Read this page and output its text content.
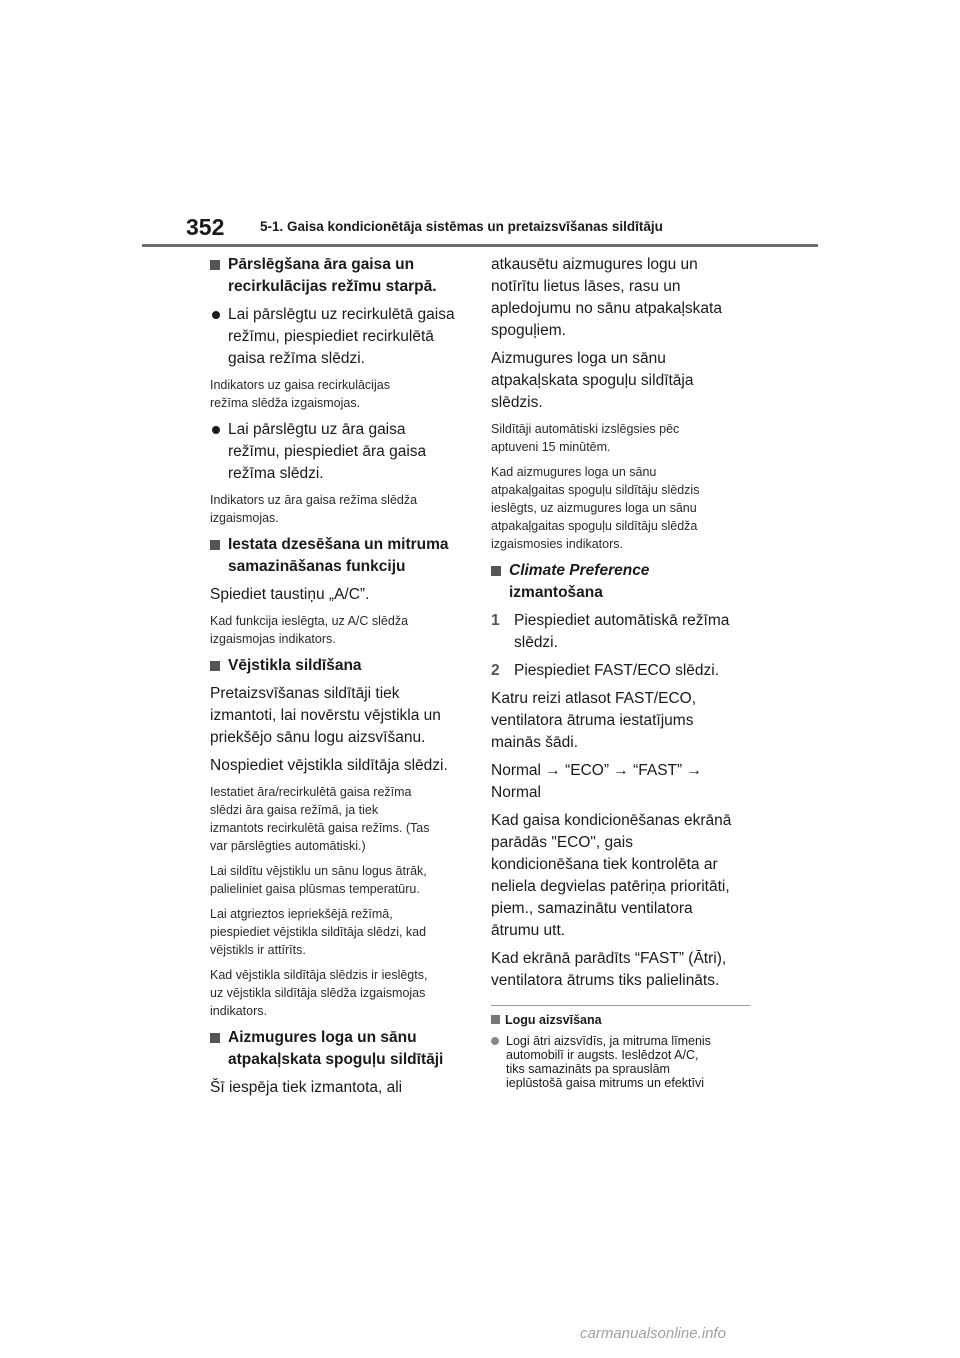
352	5-1. Gaisa kondicionētāja sistēmas un pretaizsvīšanas sildītāju
Pārslēgšana āra gaisa un
recirkulācijas režīmu starpā.
Lai pārslēgtu uz recirkulētā gaisa
režīmu, piespiediet recirkulētā
gaisa režīma slēdzi.
Indikators uz gaisa recirkulācijas
režīma slēdža izgaismojas.
Lai pārslēgtu uz āra gaisa
režīmu, piespiediet āra gaisa
režīma slēdzi.
Indikators uz āra gaisa režīma slēdža
izgaismojas.
Iestata dzesēšana un mitruma
samazināšanas funkciju
Spiediet taustiņu „A/C”.
Kad funkcija ieslēgta, uz A/C slēdža
izgaismojas indikators.
Vējstikla sildīšana
Pretaizsvīšanas sildītāji tiek
izmantoti, lai novērstu vējstikla un
priekšējo sānu logu aizsvīšanu.
Nospiediet vējstikla sildītāja slēdzi.
Iestatiet āra/recirkulētā gaisa režīma
slēdzi āra gaisa režīmā, ja tiek
izmantots recirkulētā gaisa režīms. (Tas
var pārslēgties automātiski.)
Lai sildītu vējstiklu un sānu logus ātrāk,
palieliniet gaisa plūsmas temperatūru.
Lai atgrieztos iepriekšējā režīmā,
piespiediet vējstikla sildītāja slēdzi, kad
vējstikls ir attīrīts.
Kad vējstikla sildītāja slēdzis ir ieslēgts,
uz vējstikla sildītāja slēdža izgaismojas
indikators.
Aizmugures loga un sānu
atpakaļskata spoguļu sildītāji
Šī iespēja tiek izmantota, ali
atkausētu aizmugures logu un
notīrītu lietus lāses, rasu un
apledojumu no sānu atpakaļskata
spoguļiem.
Aizmugures loga un sānu
atpakaļskata spoguļu sildītāja
slēdzis.
Sildītāji automātiski izslēgsies pēc
aptuveni 15 minūtēm.
Kad aizmugures loga un sānu
atpakaļgaitas spoguļu sildītāju slēdzis
ieslēgts, uz aizmugures loga un sānu
atpakaļgaitas spoguļu sildītāju slēdža
izgaismosies indikators.
Climate Preference
izmantošana
1 Piespiediet automātiskā režīma
slēdzi.
2 Piespiediet FAST/ECO slēdzi.
Katru reizi atlasot FAST/ECO,
ventilatora ātruma iestatījums
mainās šādi.
Normal → “ECO” → “FAST” →
Normal
Kad gaisa kondicionēšanas ekrānā
parādās "ECO", gais
kondicionēšana tiek kontrolēta ar
neliela degvielas patēriņa prioritāti,
piem., samazinātu ventilatora
ātrumu utt.
Kad ekrānā parādīts “FAST” (Ātri),
ventilatora ātrums tiks palielināts.
Logu aizsvīšana
Logi ātri aizsvīdīs, ja mitruma līmenis
automobilī ir augsts. Ieslēdzot A/C,
tiks samazināts pa sprauslām
ieplūstošā gaisa mitrums un efektīvi
carmanualsonline.info
